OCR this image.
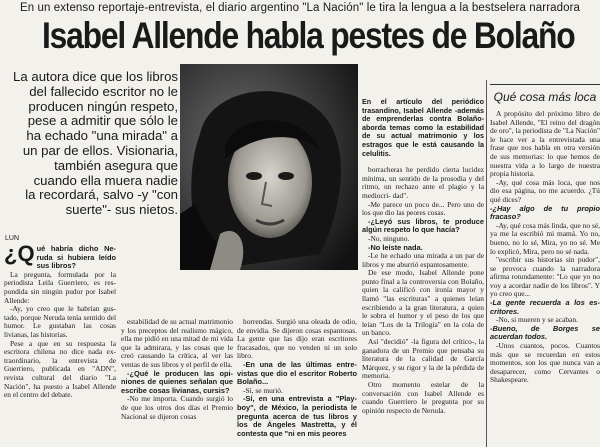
En un extenso reportaje-entrevista, el diario argentino "La Nación" le tira la lengua a la bestselera narradora
Isabel Allende habla pestes de Bolaño

La autora dice que los libros

del fallecido escritor no le

producen ningún respeto,

pese a admitir que sólo le

ha echado "una mirada" a

un par de ellos. Visionaria,

también asegura que

cuando ella muera nadie

la recordará, salvo -y "con

suerte"- sus nietos.

LUN
¿Q ué habría dicho Ne- ruda si hubiera leído sus libros?

La pregunta, formulada por la periodista Leila Guerriero, es res- pondida sin ningún pudor por Isabel Allende:

-Ay, yo creo que le habrían gus- tado, porque Neruda tenía sentido del humor. Le gustaban las cosas livianas, las historias.

Pese a que en su respuesta la escritora chilena no dice nada ex- traordinario, la entrevista de Guerriero, publicada en "ADN", revista cultural del diario "La Nación", ha puesto a Isabel Allende en el centro del debate.

estabilidad de su actual matrimonio y los preceptos del realismo mágico, ella me pidió en una mitad de mi vida que la admirara, y las cosas que le creó causando la crítica, al ver las ventas de sus libros y el perfil de ella.

-¿Qué le producen las opi- niones de quienes señalan que escribe cosas livianas, cursis?

-No me importa. Cuando surgió lo de que los otros dos días el Premio Nacional se dijeron cosas

horrendas. Surgió una oleada de odio, de envidia. Se dijeron cosas espantosas. La gente que las dijo eran escritores fracasados, que no venden ni un solo libro.

-En una de las últimas entre- vistas que dio el escritor Roberto Bolaño...

-Sí, se murió.

-Sí, en una entrevista a "Play- boy", de México, la periodista le pregunta acerca de tus libros y los de Ángeles Mastretta, y él contesta que "ni en mis peores

En el artículo del periódico trasandino, Isabel Allende -además de emprenderlas contra Bolaño- aborda temas como la estabilidad de su actual matrimonio y los estragos que le está causando la celulitis.

borracheras he perdido cierta lucidez mínima, un sentido de la prosodia y del ritmo, un rechazo ante el plagio y la mediocri- dad".

-Me parece un poco de... Pero uno de los que dio las peores cosas.

-¿Leyó sus libros, te produce algún respeto lo que hacía?

-No, ninguno.

-No leíste nada.

-Le he echado una mirada a un par de libros y me aburrió espantosamente.

De ese modo, Isabel Allende pone punto final a la controversia con Bolaño, quien la calificó con ironía mayor y llamó "las escrituras" a quienes leían escribiendo a la gran literatura, a quien le sobra el humor y el peso de los que leían "Los de la Trilogía" en la cola de un banco.

Así "decidió" -la figura del crítico-, la ganadora de un Premio que pensaba su literatura de la calidad de García Márquez, y su rigor y la de la pérdida de memoria.

Otro momento estelar de la conversación con Isabel Allende es cuando Guerriero le pregunta por su opinión respecto de Neruda.

Qué cosa más loca

A propósito del próximo libro de Isabel Allende, "El reino del dragón de oro", la periodista de "La Nación" le hace ver a la entrevistada una frase que nos habla en otra versión de sus memorias: lo que hemos de nuestra vida a lo largo de nuestra propia historia.

-Ay, qué cosa más loca, que nos dio esa página, no me acuerdo. ¿Tú qué dices?

-¿Hay algo de tu propio fracaso?

-Ay, qué cosa más linda, que no sé, ya me la escribió mi mamá. Yo no, bueno, no lo sé, Mira, yo no sé. Me lo explicó, Mira, pero no sé nada.

"escribir sus historias sin pudor", se provoca cuando la narradora afirma rotundamente: "Lo que yo no voy a acordar nadie de los libros". Y yo creo que...

-La gente recuerda a los es- critores.

-No, si mueren y se acaban.

-Bueno, de Borges se acuerdan todos.

-Unos cuantos, pocos. Cuantos más que se recuerdan en estos momentos, son los que nunca van a desaparecer, como Cervantes o Shakespeare.
